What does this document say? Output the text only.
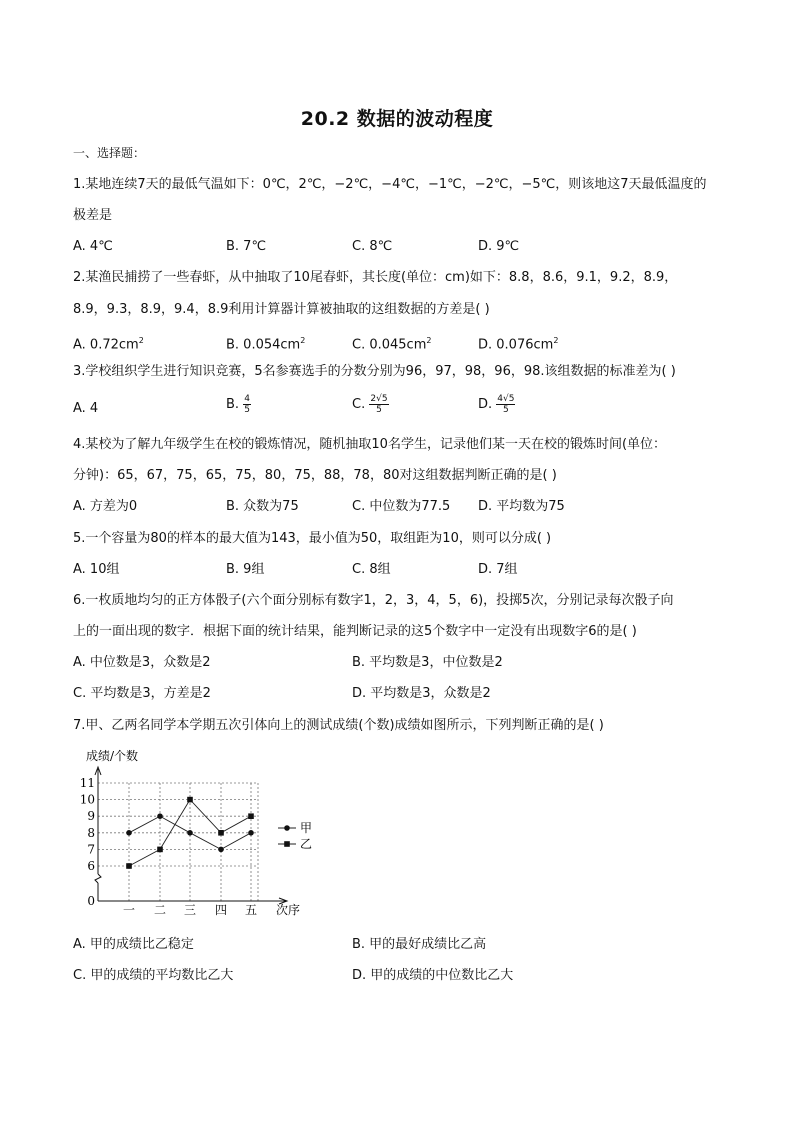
20.2 数据的波动程度
一、选择题：
1.某地连续7天的最低气温如下：0℃，2℃，−2℃，−4℃，−1℃，−2℃，−5℃，则该地这7天最低温度的
极差是
A. 4℃	B. 7℃	C. 8℃	D. 9℃
2.某渔民捕捞了一些春虾，从中抽取了10尾春虾，其长度(单位：cm)如下：8.8，8.6，9.1，9.2，8.9，
8.9，9.3，8.9，9.4，8.9利用计算器计算被抽取的这组数据的方差是( )
A. $0.72cm^2$	B. $0.054cm^2$	C. $0.045cm^2$	D. $0.076cm^2$
3.学校组织学生进行知识竞赛，5名参赛选手的分数分别为96，97，98，96，98.该组数据的标准差为( )
A. 4	B. $\frac{4}{5}$	C. $\frac{2√5}{5}$	D. $\frac{4√5}{5}$
4.某校为了解九年级学生在校的锻炼情况，随机抽取10名学生，记录他们某一天在校的锻炼时间(单位：
分钟)：65，67，75，65，75，80，75，88，78，80对这组数据判断正确的是( )
A. 方差为0	B. 众数为75	C. 中位数为77.5 D. 平均数为75
5.一个容量为80的样本的最大值为143，最小值为50，取组距为10，则可以分成( )
A. 10组	B. 9组	C. 8组	D. 7组
6.一枚质地均匀的正方体骰子(六个面分别标有数字1，2，3，4，5，6)，投掷5次，分别记录每次骰子向
上的一面出现的数字．根据下面的统计结果，能判断记录的这5个数字中一定没有出现数字6的是( )
A. 中位数是3，众数是2	B. 平均数是3，中位数是2
C. 平均数是3，方差是2	D. 平均数是3，众数是2
7.甲、乙两名同学本学期五次引体向上的测试成绩(个数)成绩如图所示，下列判断正确的是( )
成绩/个数
次序
0
6
7
8
9
10
11
一 二 三 四 五
甲
乙
A. 甲的成绩比乙稳定	B. 甲的最好成绩比乙高
C. 甲的成绩的平均数比乙大	D. 甲的成绩的中位数比乙大
